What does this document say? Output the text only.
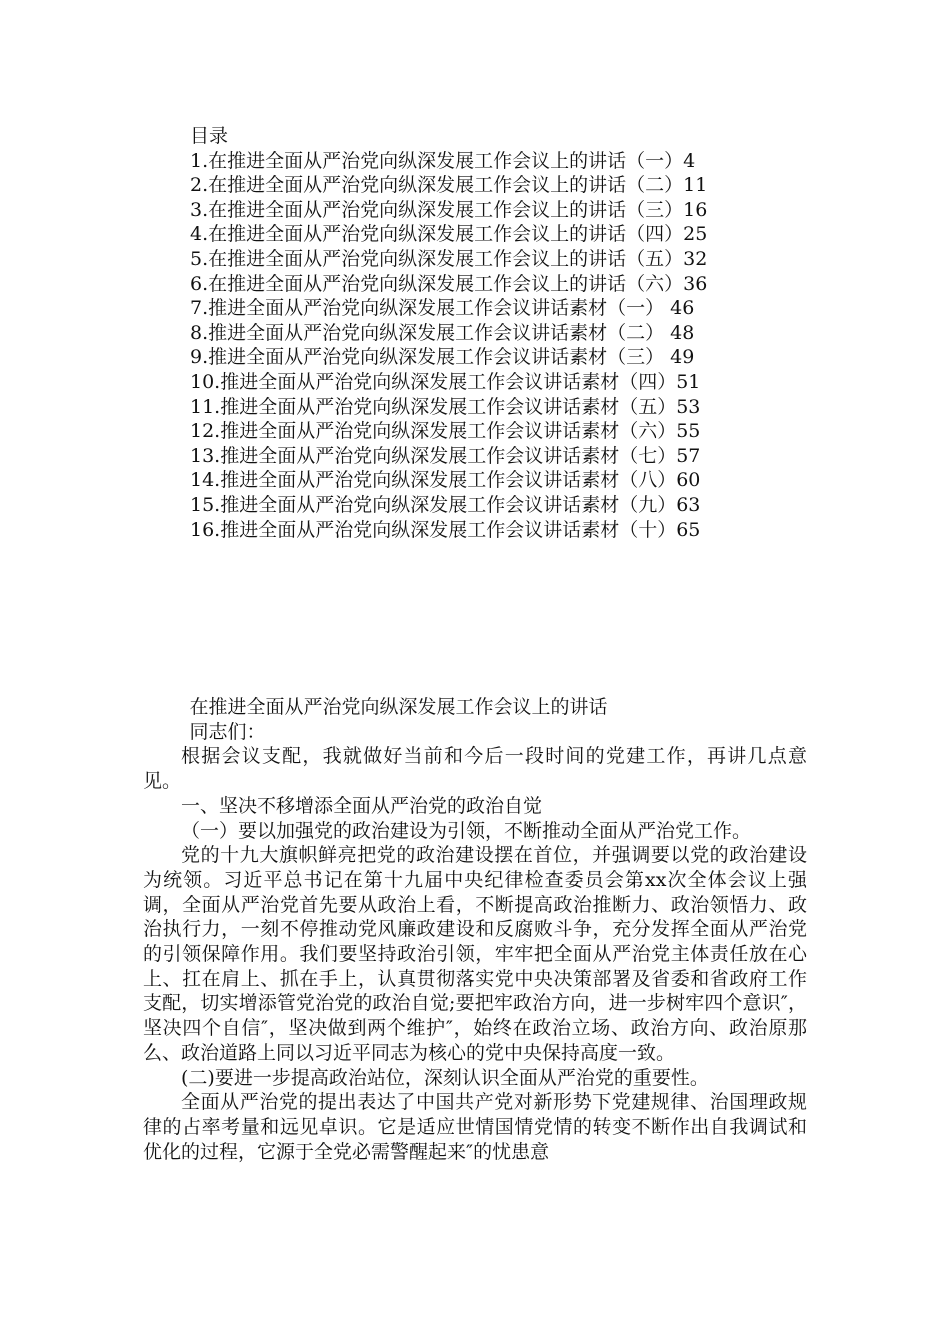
目录
1.在推进全面从严治党向纵深发展工作会议上的讲话（一）4
2.在推进全面从严治党向纵深发展工作会议上的讲话（二）11
3.在推进全面从严治党向纵深发展工作会议上的讲话（三）16
4.在推进全面从严治党向纵深发展工作会议上的讲话（四）25
5.在推进全面从严治党向纵深发展工作会议上的讲话（五）32
6.在推进全面从严治党向纵深发展工作会议上的讲话（六）36
7.推进全面从严治党向纵深发展工作会议讲话素材（一） 46
8.推进全面从严治党向纵深发展工作会议讲话素材（二） 48
9.推进全面从严治党向纵深发展工作会议讲话素材（三） 49
10.推进全面从严治党向纵深发展工作会议讲话素材（四）51
11.推进全面从严治党向纵深发展工作会议讲话素材（五）53
12.推进全面从严治党向纵深发展工作会议讲话素材（六）55
13.推进全面从严治党向纵深发展工作会议讲话素材（七）57
14.推进全面从严治党向纵深发展工作会议讲话素材（八）60
15.推进全面从严治党向纵深发展工作会议讲话素材（九）63
16.推进全面从严治党向纵深发展工作会议讲话素材（十）65

在推进全面从严治党向纵深发展工作会议上的讲话

同志们：

根据会议支配，我就做好当前和今后一段时间的党建工作，再讲几点意见。

一、坚决不移增添全面从严治党的政治自觉

（一）要以加强党的政治建设为引领，不断推动全面从严治党工作。

党的十九大旗帜鲜亮把党的政治建设摆在首位，并强调要以党的政治建设为统领。习近平总书记在第十九届中央纪律检查委员会第xx次全体会议上强调，全面从严治党首先要从政治上看，不断提高政治推断力、政治领悟力、政治执行力，一刻不停推动党风廉政建设和反腐败斗争，充分发挥全面从严治党的引领保障作用。我们要坚持政治引领，牢牢把全面从严治党主体责任放在心上、扛在肩上、抓在手上，认真贯彻落实党中央决策部署及省委和省政府工作支配，切实增添管党治党的政治自觉;要把牢政治方向，进一步树牢四个意识″，坚决四个自信″，坚决做到两个维护″，始终在政治立场、政治方向、政治原那么、政治道路上同以习近平同志为核心的党中央保持高度一致。

(二)要进一步提高政治站位，深刻认识全面从严治党的重要性。

全面从严治党的提出表达了中国共产党对新形势下党建规律、治国理政规律的占率考量和远见卓识。它是适应世情国情党情的转变不断作出自我调试和优化的过程，它源于全党必需警醒起来″的忧患意
